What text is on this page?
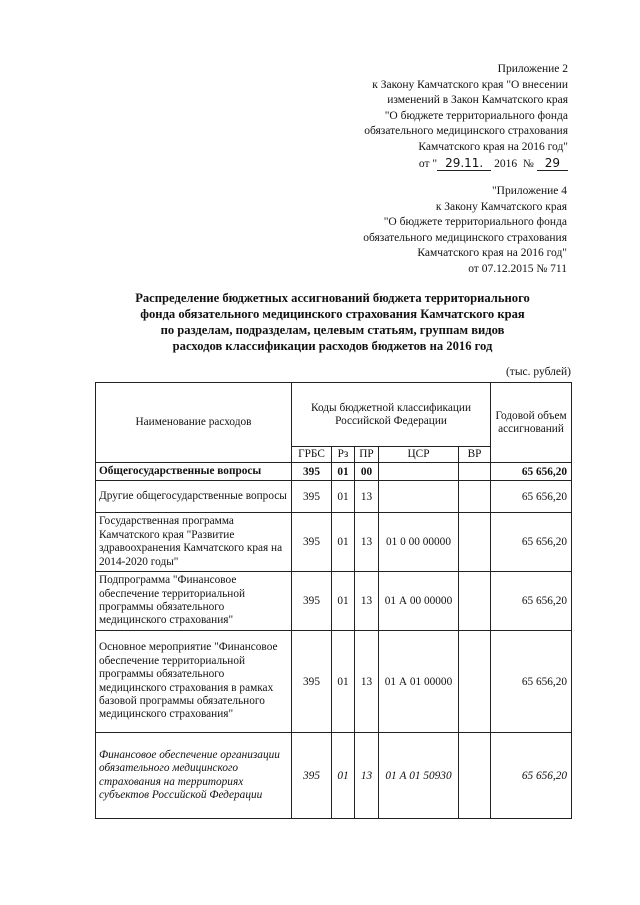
Приложение 2
к Закону Камчатского края "О внесении
изменений в Закон Камчатского края
"О бюджете территориального фонда
обязательного медицинского страхования
Камчатского края на 2016 год"
от " 29.11. 2016 № 29
"Приложение 4
к Закону Камчатского края
"О бюджете территориального фонда
обязательного медицинского страхования
Камчатского края на 2016 год"
от 07.12.2015 № 711
Распределение бюджетных ассигнований бюджета территориального
фонда обязательного медицинского страхования Камчатского края
по разделам, подразделам, целевым статьям, группам видов
расходов классификации расходов бюджетов на 2016 год
(тыс. рублей)
Наименование расходов	Коды бюджетной классификации Российской Федерации					Годовой объем ассигнований
	ГРБС	Рз	ПР	ЦСР	ВР	
Общегосударственные вопросы	395	01	00			65 656,20
Другие общегосударственные вопросы	395	01	13			65 656,20
Государственная программа Камчатского края "Развитие здравоохранения Камчатского края на 2014-2020 годы"	395	01	13	01 0 00 00000		65 656,20
Подпрограмма "Финансовое обеспечение территориальной программы обязательного медицинского страхования"	395	01	13	01 А 00 00000		65 656,20
Основное мероприятие "Финансовое обеспечение территориальной программы обязательного медицинского страхования в рамках базовой программы обязательного медицинского страхования"	395	01	13	01 А 01 00000		65 656,20
Финансовое обеспечение организации обязательного медицинского страхования на территориях субъектов Российской Федерации	395	01	13	01 А 01 50930		65 656,20
